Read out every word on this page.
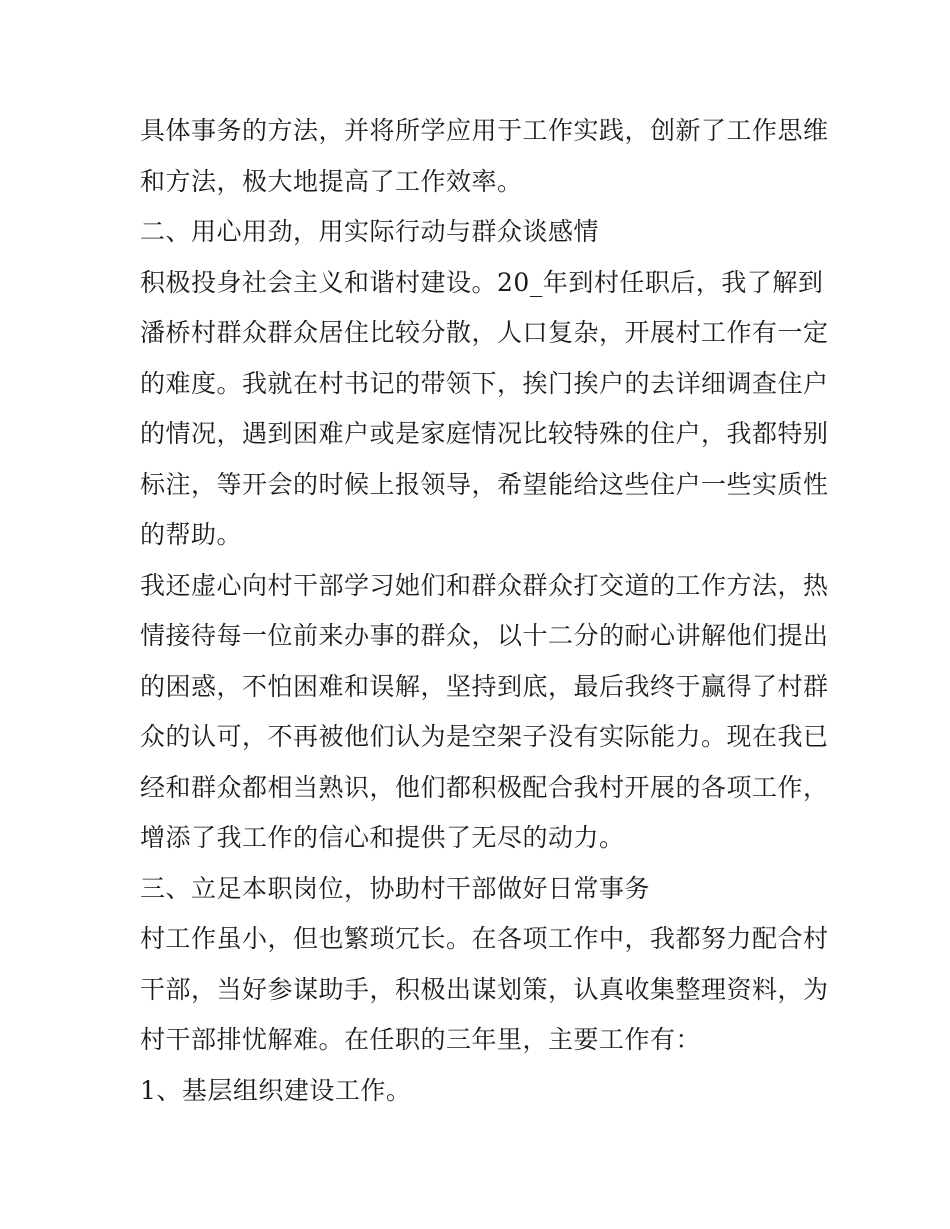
具体事务的方法，并将所学应用于工作实践，创新了工作思维

和方法，极大地提高了工作效率。

二、用心用劲，用实际行动与群众谈感情

积极投身社会主义和谐村建设。20_年到村任职后，我了解到

潘桥村群众群众居住比较分散，人口复杂，开展村工作有一定

的难度。我就在村书记的带领下，挨门挨户的去详细调查住户

的情况，遇到困难户或是家庭情况比较特殊的住户，我都特别

标注，等开会的时候上报领导，希望能给这些住户一些实质性

的帮助。

我还虚心向村干部学习她们和群众群众打交道的工作方法，热

情接待每一位前来办事的群众，以十二分的耐心讲解他们提出

的困惑，不怕困难和误解，坚持到底，最后我终于赢得了村群

众的认可，不再被他们认为是空架子没有实际能力。现在我已

经和群众都相当熟识，他们都积极配合我村开展的各项工作，

增添了我工作的信心和提供了无尽的动力。

三、立足本职岗位，协助村干部做好日常事务

村工作虽小，但也繁琐冗长。在各项工作中，我都努力配合村

干部，当好参谋助手，积极出谋划策，认真收集整理资料，为

村干部排忧解难。在任职的三年里，主要工作有：

1、基层组织建设工作。
